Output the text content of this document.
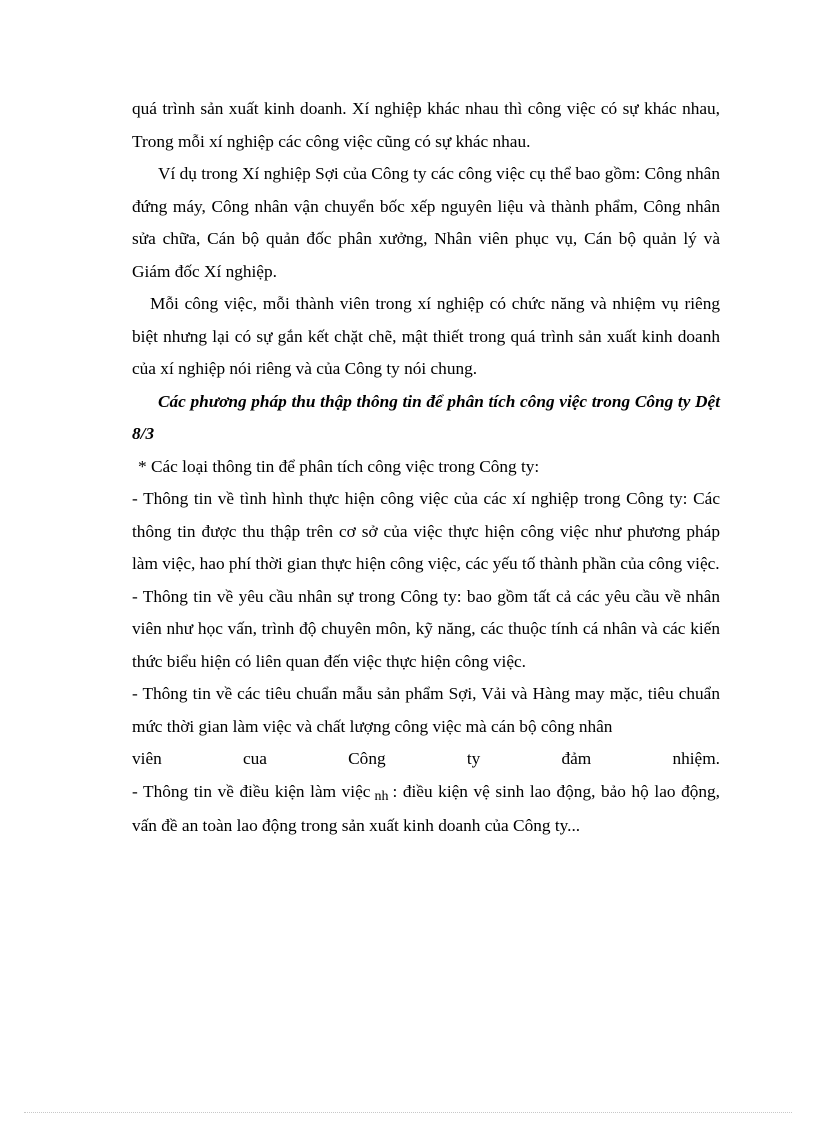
quá trình sản xuất kinh doanh. Xí nghiệp khác nhau thì công việc có sự khác nhau, Trong mỗi xí nghiệp các công việc cũng có sự khác nhau.

Ví dụ trong Xí nghiệp Sợi của Công ty các công việc cụ thể bao gồm: Công nhân đứng máy, Công nhân vận chuyển bốc xếp nguyên liệu và thành phẩm, Công nhân sửa chữa, Cán bộ quản đốc phân xưởng, Nhân viên phục vụ, Cán bộ quản lý và Giám đốc Xí nghiệp.

Mỗi công việc, mỗi thành viên trong xí nghiệp có chức năng và nhiệm vụ riêng biệt nhưng lại có sự gắn kết chặt chẽ, mật thiết trong quá trình sản xuất kinh doanh của xí nghiệp nói riêng và của Công ty nói chung.

Các phương pháp thu thập thông tin để phân tích công việc trong Công ty Dệt 8/3

* Các loại thông tin để phân tích công việc trong Công ty:

- Thông tin về tình hình thực hiện công việc của các xí nghiệp trong Công ty: Các thông tin được thu thập trên cơ sở của việc thực hiện công việc như phương pháp làm việc, hao phí thời gian thực hiện công việc, các yếu tố thành phần của công việc.

- Thông tin về yêu cầu nhân sự trong Công ty: bao gồm tất cả các yêu cầu về nhân viên như học vấn, trình độ chuyên môn, kỹ năng, các thuộc tính cá nhân và các kiến thức biểu hiện có liên quan đến việc thực hiện công việc.

- Thông tin về các tiêu chuẩn mẫu sản phẩm Sợi, Vải và Hàng may mặc, tiêu chuẩn mức thời gian làm việc và chất lượng công việc mà cán bộ công nhân

viên	cua	Công	ty	đảm	nhiệm.

- Thông tin về điều kiện làm việc nh : điều kiện vệ sinh lao động, bảo hộ lao động, vấn đề an toàn lao động trong sản xuất kinh doanh của Công ty...
